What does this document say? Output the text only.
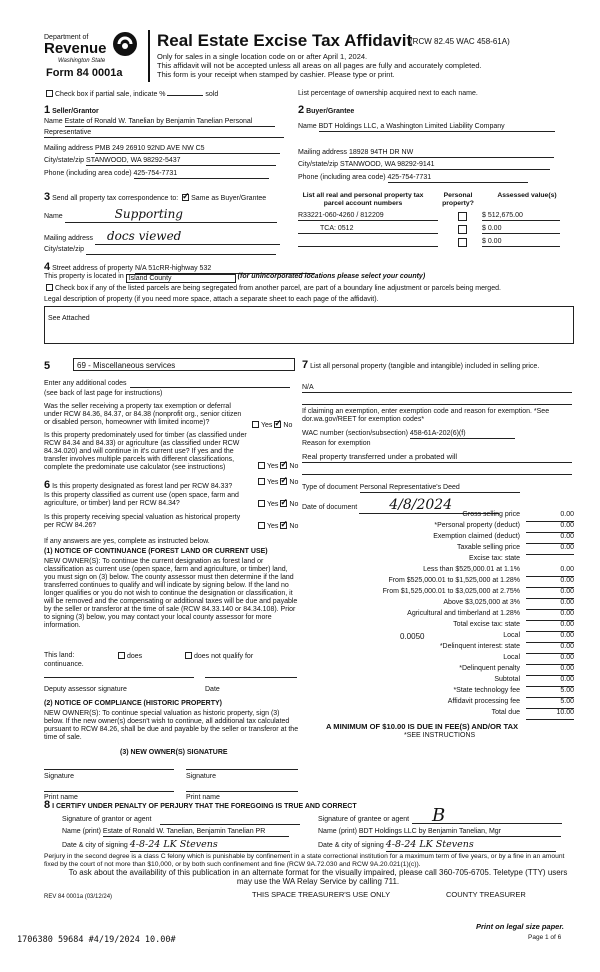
Department of
Revenue
Washington State
Form 84 0001a
Real Estate Excise Tax Affidavit
(RCW 82.45 WAC 458-61A)
Only for sales in a single location code on or after April 1, 2024.
This affidavit will not be accepted unless all areas on all pages are fully and accurately completed.
This form is your receipt when stamped by cashier. Please type or print.
Check box if partial sale, indicate %	sold	List percentage of ownership acquired next to each name.
1 Seller/Grantor
Name Estate of Ronald W. Tanelian by Benjamin Tanelian Personal
Representative
Mailing address PMB 249 26910 92ND AVE NW C5
City/state/zip STANWOOD, WA 98292-5437
Phone (including area code) 425-754-7731
2 Buyer/Grantee
Name BDT Holdings LLC, a Washington Limited Liability Company
Mailing address 18928 94TH DR NW
City/state/zip STANWOOD, WA 98292-9141
Phone (including area code) 425-754-7731
3 Send all property tax correspondence to: ✓ Same as Buyer/Grantee
Name	Supporting
Mailing address docs viewed
City/state/zip
List all real and personal property tax parcel account numbers
Personal property?
Assessed value(s)
R33221-060-4260 / 812209	$ 512,675.00
TCA: 0512	$ 0.00
$ 0.00
4 Street address of property N/A 51cRR-highway 532
This property is located in Island County	(for unincorporated locations please select your county)
Check box if any of the listed parcels are being segregated from another parcel, are part of a boundary line adjustment or parcels being merged.
Legal description of property (if you need more space, attach a separate sheet to each page of the affidavit).
See Attached
5	69 - Miscellaneous services
Enter any additional codes
(see back of last page for instructions)
Was the seller receiving a property tax exemption or deferral under RCW 84.36, 84.37, or 84.38 (nonprofit org., senior citizen or disabled person, homeowner with limited income)?	Yes ✓ No
Is this property predominately used for timber (as classified under RCW 84.34 and 84.33) or agriculture (as classified under RCW 84.34.020) and will continue in it's current use? If yes and the transfer involves multiple parcels with different classifications, complete the predominate use calculator (see instructions)	Yes ✓ No
6 Is this property designated as forest land per RCW 84.33?
Yes ✓ No
Is this property classified as current use (open space, farm and agriculture, or timber) land per RCW 84.34?	Yes ✓ No
Is this property receiving special valuation as historical property per RCW 84.26?	Yes ✓ No
If any answers are yes, complete as instructed below.
(1) NOTICE OF CONTINUANCE (FOREST LAND OR CURRENT USE)
NEW OWNER(S): To continue the current designation as forest land or classification as current use (open space, farm and agriculture, or timber) land, you must sign on (3) below. The county assessor must then determine if the land transferred continues to qualify and will indicate by signing below. If the land no longer qualifies or you do not wish to continue the designation or classification, it will be removed and the compensating or additional taxes will be due and payable by the seller or transferor at the time of sale (RCW 84.33.140 or 84.34.108). Prior to signing (3) below, you may contact your local county assessor for more information.
This land:	does	does not qualify for
continuance.
Deputy assessor signature	Date
(2) NOTICE OF COMPLIANCE (HISTORIC PROPERTY)
NEW OWNER(S): To continue special valuation as historic property, sign (3) below. If the new owner(s) doesn't wish to continue, all additional tax calculated pursuant to RCW 84.26, shall be due and payable by the seller or transferor at the time of sale.
(3) NEW OWNER(S) SIGNATURE
Signature	Signature
Print name	Print name
7 List all personal property (tangible and intangible) included in selling price.
N/A
If claiming an exemption, enter exemption code and reason for exemption. *See dor.wa.gov/REET for exemption codes*
WAC number (section/subsection) 458-61A-202(6)(f)
Reason for exemption
Real property transferred under a probated will
Type of document Personal Representative's Deed
Date of document 4/8/2024
Gross selling price	0.00
*Personal property (deduct)	0.00
Exemption claimed (deduct)	0.00
Taxable selling price	0.00
Excise tax: state
Less than $525,000.01 at 1.1%	0.00
From $525,000.01 to $1,525,000 at 1.28%	0.00
From $1,525,000.01 to $3,025,000 at 2.75%	0.00
Above $3,025,000 at 3%	0.00
Agricultural and timberland at 1.28%	0.00
Total excise tax: state	0.00
0.0050	Local	0.00
*Delinquent interest: state	0.00
Local	0.00
*Delinquent penalty	0.00
Subtotal	0.00
*State technology fee	5.00
Affidavit processing fee	5.00
Total due	10.00
A MINIMUM OF $10.00 IS DUE IN FEE(S) AND/OR TAX
*SEE INSTRUCTIONS
8 I CERTIFY UNDER PENALTY OF PERJURY THAT THE FOREGOING IS TRUE AND CORRECT
Signature of grantor or agent
Name (print) Estate of Ronald W. Tanelian, Benjamin Tanelian PR
Date & city of signing 4-8-24 LK Stevens
Signature of grantee or agent	B
Name (print) BDT Holdings LLC by Benjamin Tanelian, Mgr
Date & city of signing 4-8-24 LK Stevens
Perjury in the second degree is a class C felony which is punishable by confinement in a state correctional institution for a maximum term of five years, or by a fine in an amount fixed by the court of not more than $10,000, or by both such confinement and fine (RCW 9A.72.030 and RCW 9A.20.021(1)(c)).
To ask about the availability of this publication in an alternate format for the visually impaired, please call 360-705-6705. Teletype (TTY) users may use the WA Relay Service by calling 711.
REV 84 0001a (03/12/24)	THIS SPACE TREASURER'S USE ONLY	COUNTY TREASURER
Print on legal size paper.
Page 1 of 6
1706380 59684 #4/19/2024 10.00#
